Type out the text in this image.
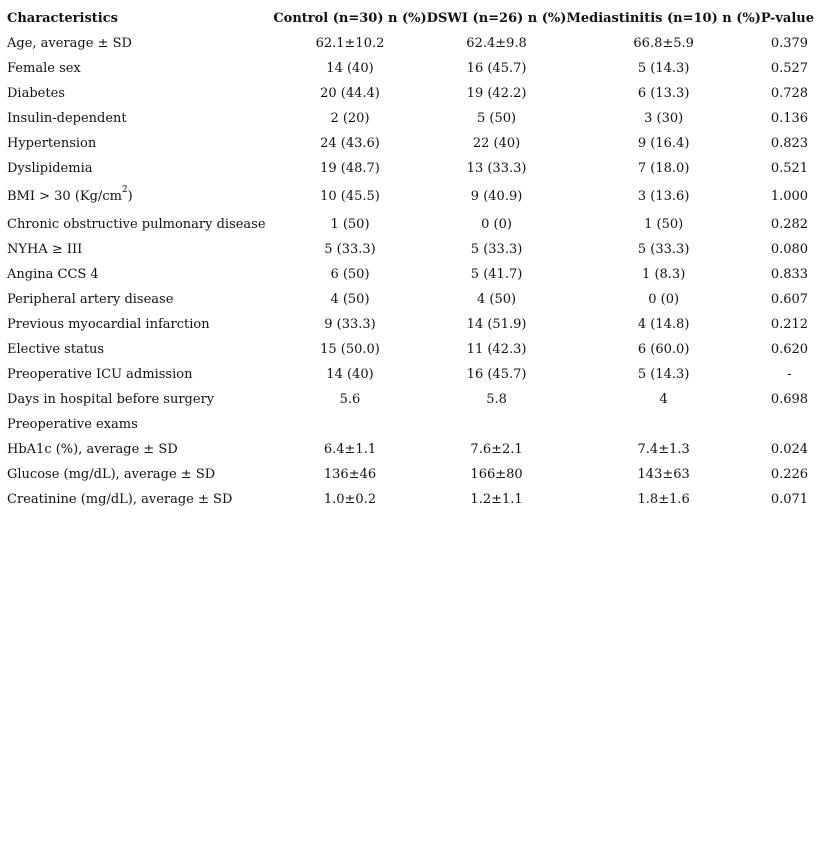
Characteristics	Control (n=30) n (%)	DSWI (n=26) n (%)	Mediastinitis (n=10) n (%)	P-value
Age, average ± SD	62.1±10.2	62.4±9.8	66.8±5.9	0.379
Female sex	14 (40)	16 (45.7)	5 (14.3)	0.527
Diabetes	20 (44.4)	19 (42.2)	6 (13.3)	0.728
Insulin-dependent	2 (20)	5 (50)	3 (30)	0.136
Hypertension	24 (43.6)	22 (40)	9 (16.4)	0.823
Dyslipidemia	19 (48.7)	13 (33.3)	7 (18.0)	0.521
BMI > 30 $(Kg/cm^2)$	10 (45.5)	9 (40.9)	3 (13.6)	1.000
Chronic obstructive pulmonary disease	1 (50)	0 (0)	1 (50)	0.282
NYHA ≥ III	5 (33.3)	5 (33.3)	5 (33.3)	0.080
Angina CCS 4	6 (50)	5 (41.7)	1 (8.3)	0.833
Peripheral artery disease	4 (50)	4 (50)	0 (0)	0.607
Previous myocardial infarction	9 (33.3)	14 (51.9)	4 (14.8)	0.212
Elective status	15 (50.0)	11 (42.3)	6 (60.0)	0.620
Preoperative ICU admission	14 (40)	16 (45.7)	5 (14.3)	-
Days in hospital before surgery	5.6	5.8	4	0.698
Preoperative exams				
HbA1c (%), average ± SD	6.4±1.1	7.6±2.1	7.4±1.3	0.024
Glucose (mg/dL), average ± SD	136±46	166±80	143±63	0.226
Creatinine (mg/dL), average ± SD	1.0±0.2	1.2±1.1	1.8±1.6	0.071
